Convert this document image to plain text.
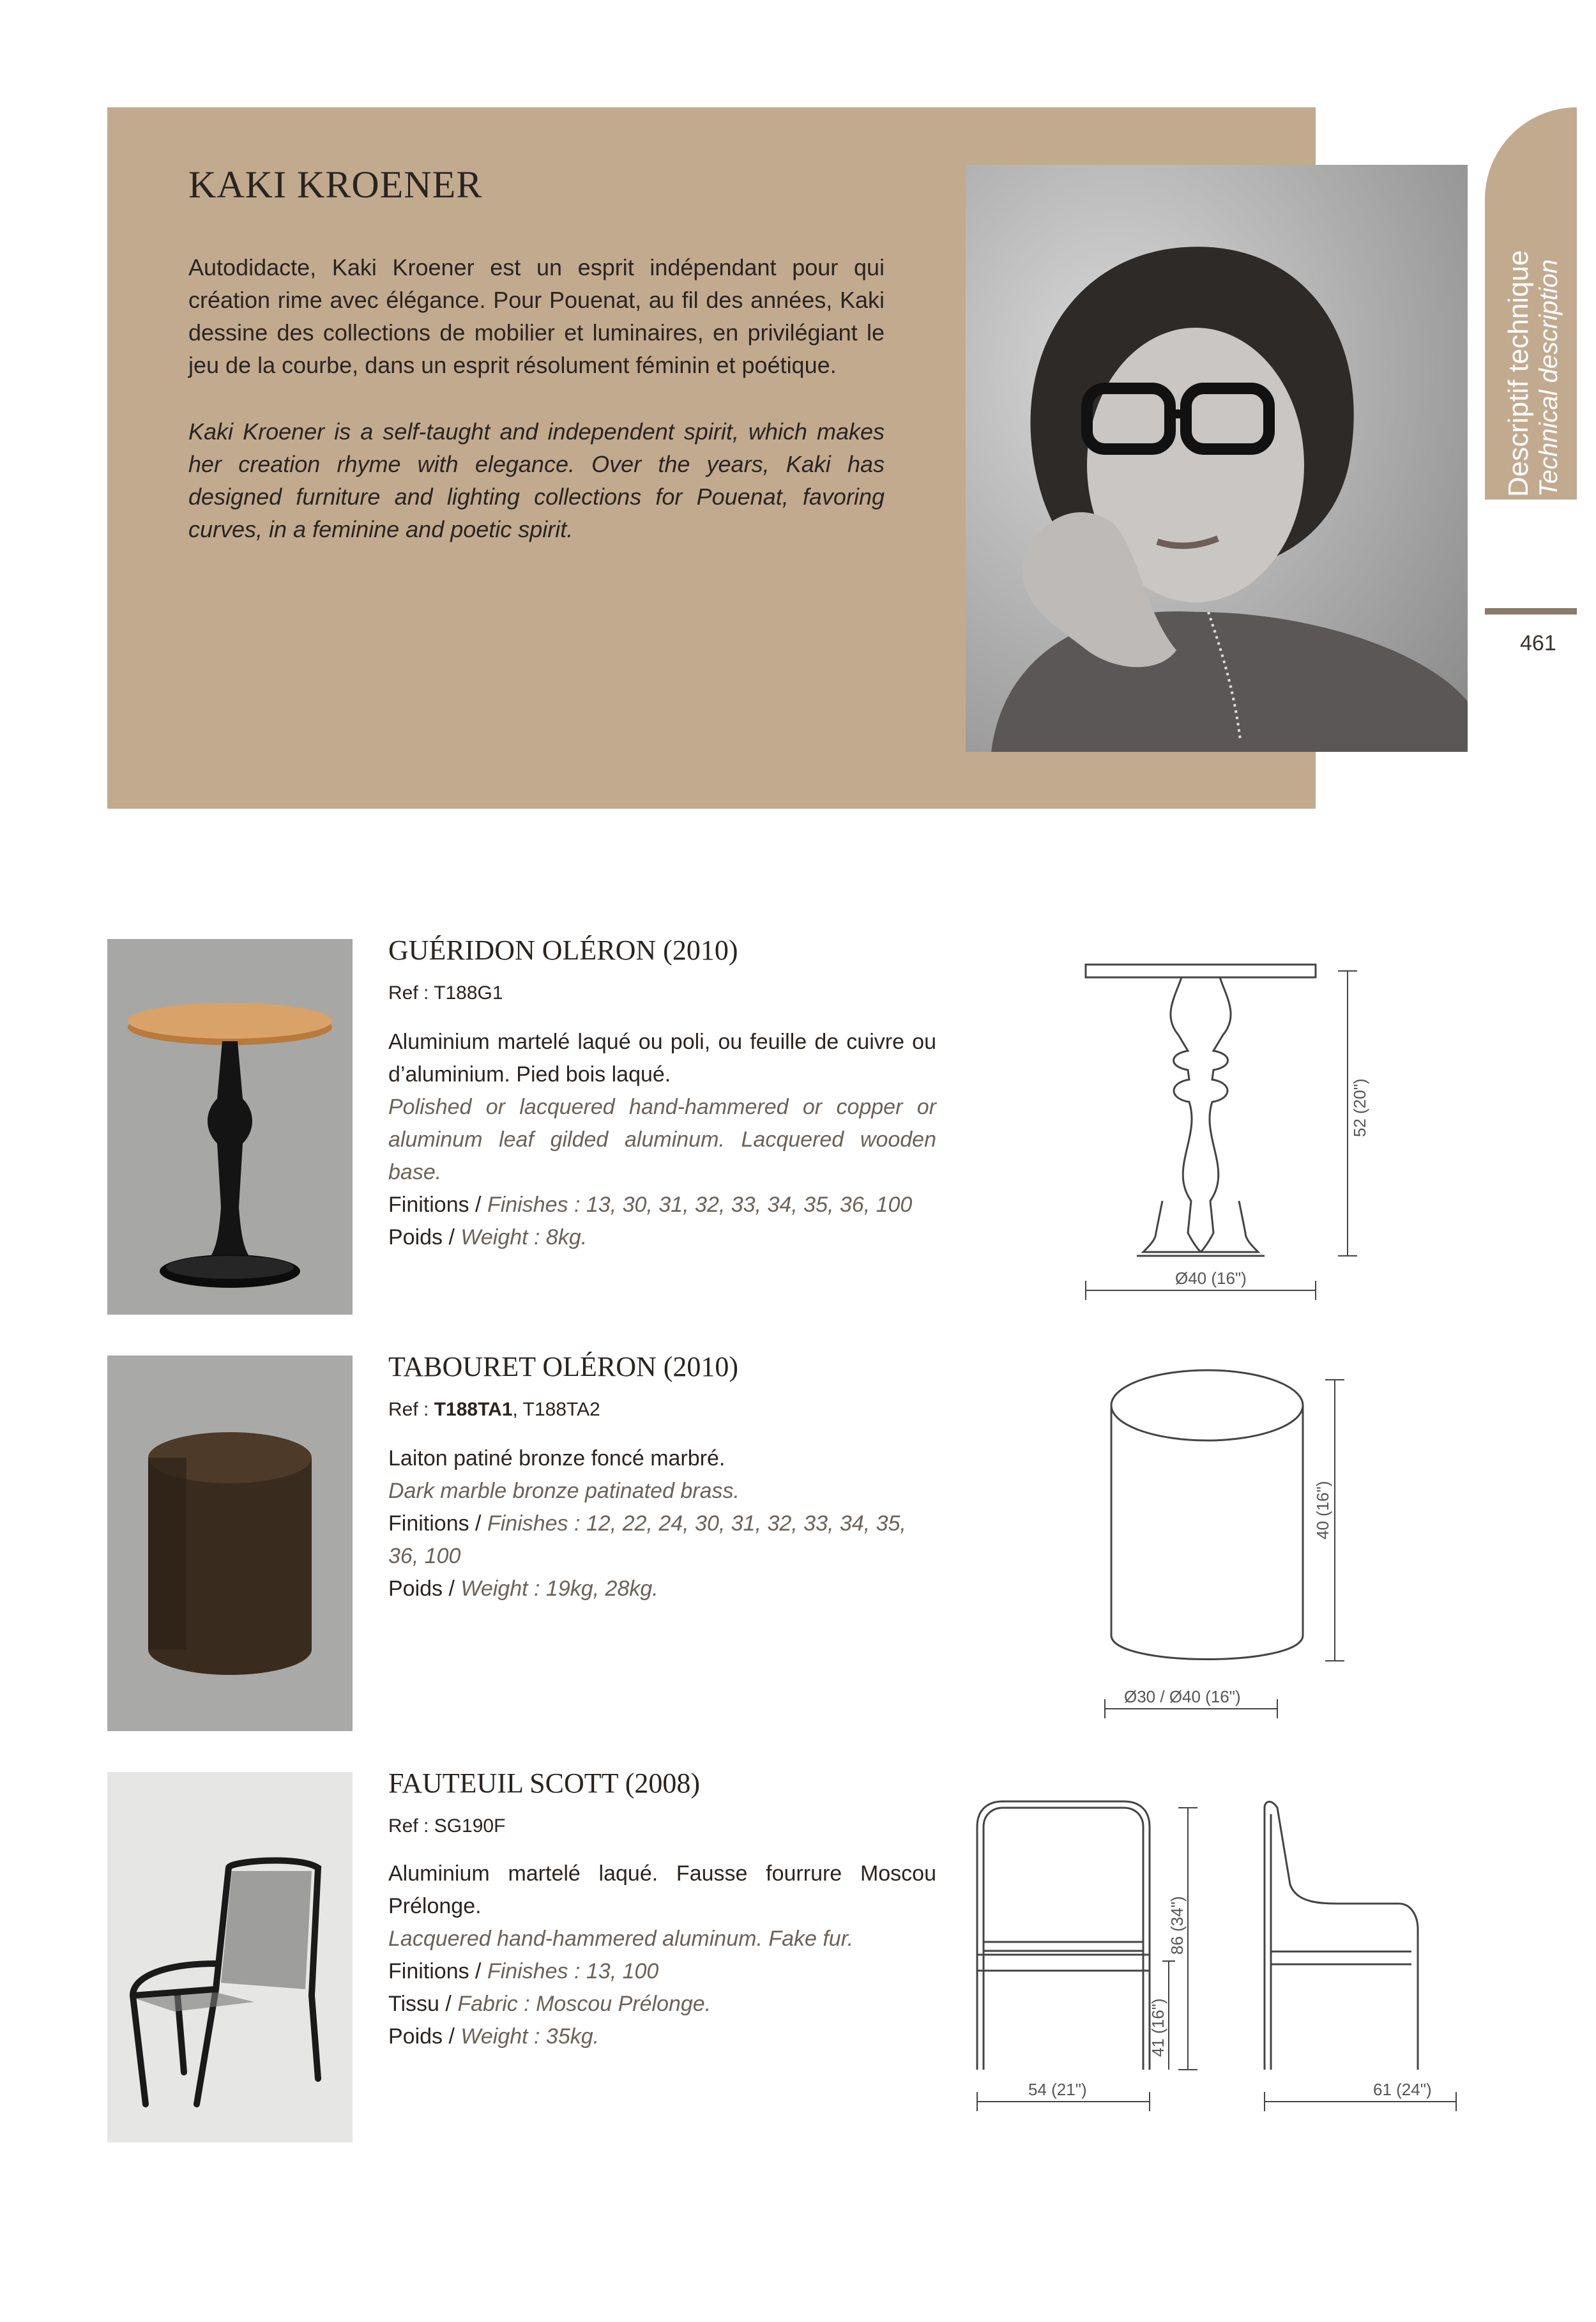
KAKI KROENER
Autodidacte, Kaki Kroener est un esprit indépendant pour qui création rime avec élégance. Pour Pouenat, au fil des années, Kaki dessine des collections de mobilier et luminaires, en privilégiant le jeu de la courbe, dans un esprit résolument féminin et poétique.
Kaki Kroener is a self-taught and independent spirit, which makes her creation rhyme with elegance. Over the years, Kaki has designed furniture and lighting collections for Pouenat, favoring curves, in a feminine and poetic spirit.
Descriptif technique Technical description
461
GUÉRIDON OLÉRON (2010)
Ref : T188G1
Aluminium martelé laqué ou poli, ou feuille de cuivre ou d’aluminium. Pied bois laqué.
Polished or lacquered hand-hammered or copper or aluminum leaf gilded aluminum. Lacquered wooden base.
Finitions / Finishes : 13, 30, 31, 32, 33, 34, 35, 36, 100
Poids / Weight : 8kg.
52 (20")
Ø40 (16")
TABOURET OLÉRON (2010)
Ref : T188TA1, T188TA2
Laiton patiné bronze foncé marbré.
Dark marble bronze patinated brass.
Finitions / Finishes : 12, 22, 24, 30, 31, 32, 33, 34, 35, 36, 100
Poids / Weight : 19kg, 28kg.
40 (16")
Ø30 / Ø40 (16")
FAUTEUIL SCOTT (2008)
Ref : SG190F
Aluminium martelé laqué. Fausse fourrure Moscou Prélonge.
Lacquered hand-hammered aluminum. Fake fur.
Finitions / Finishes : 13, 100
Tissu / Fabric : Moscou Prélonge.
Poids / Weight : 35kg.	41 (16")
86 (34")
54 (21")	61 (24")
